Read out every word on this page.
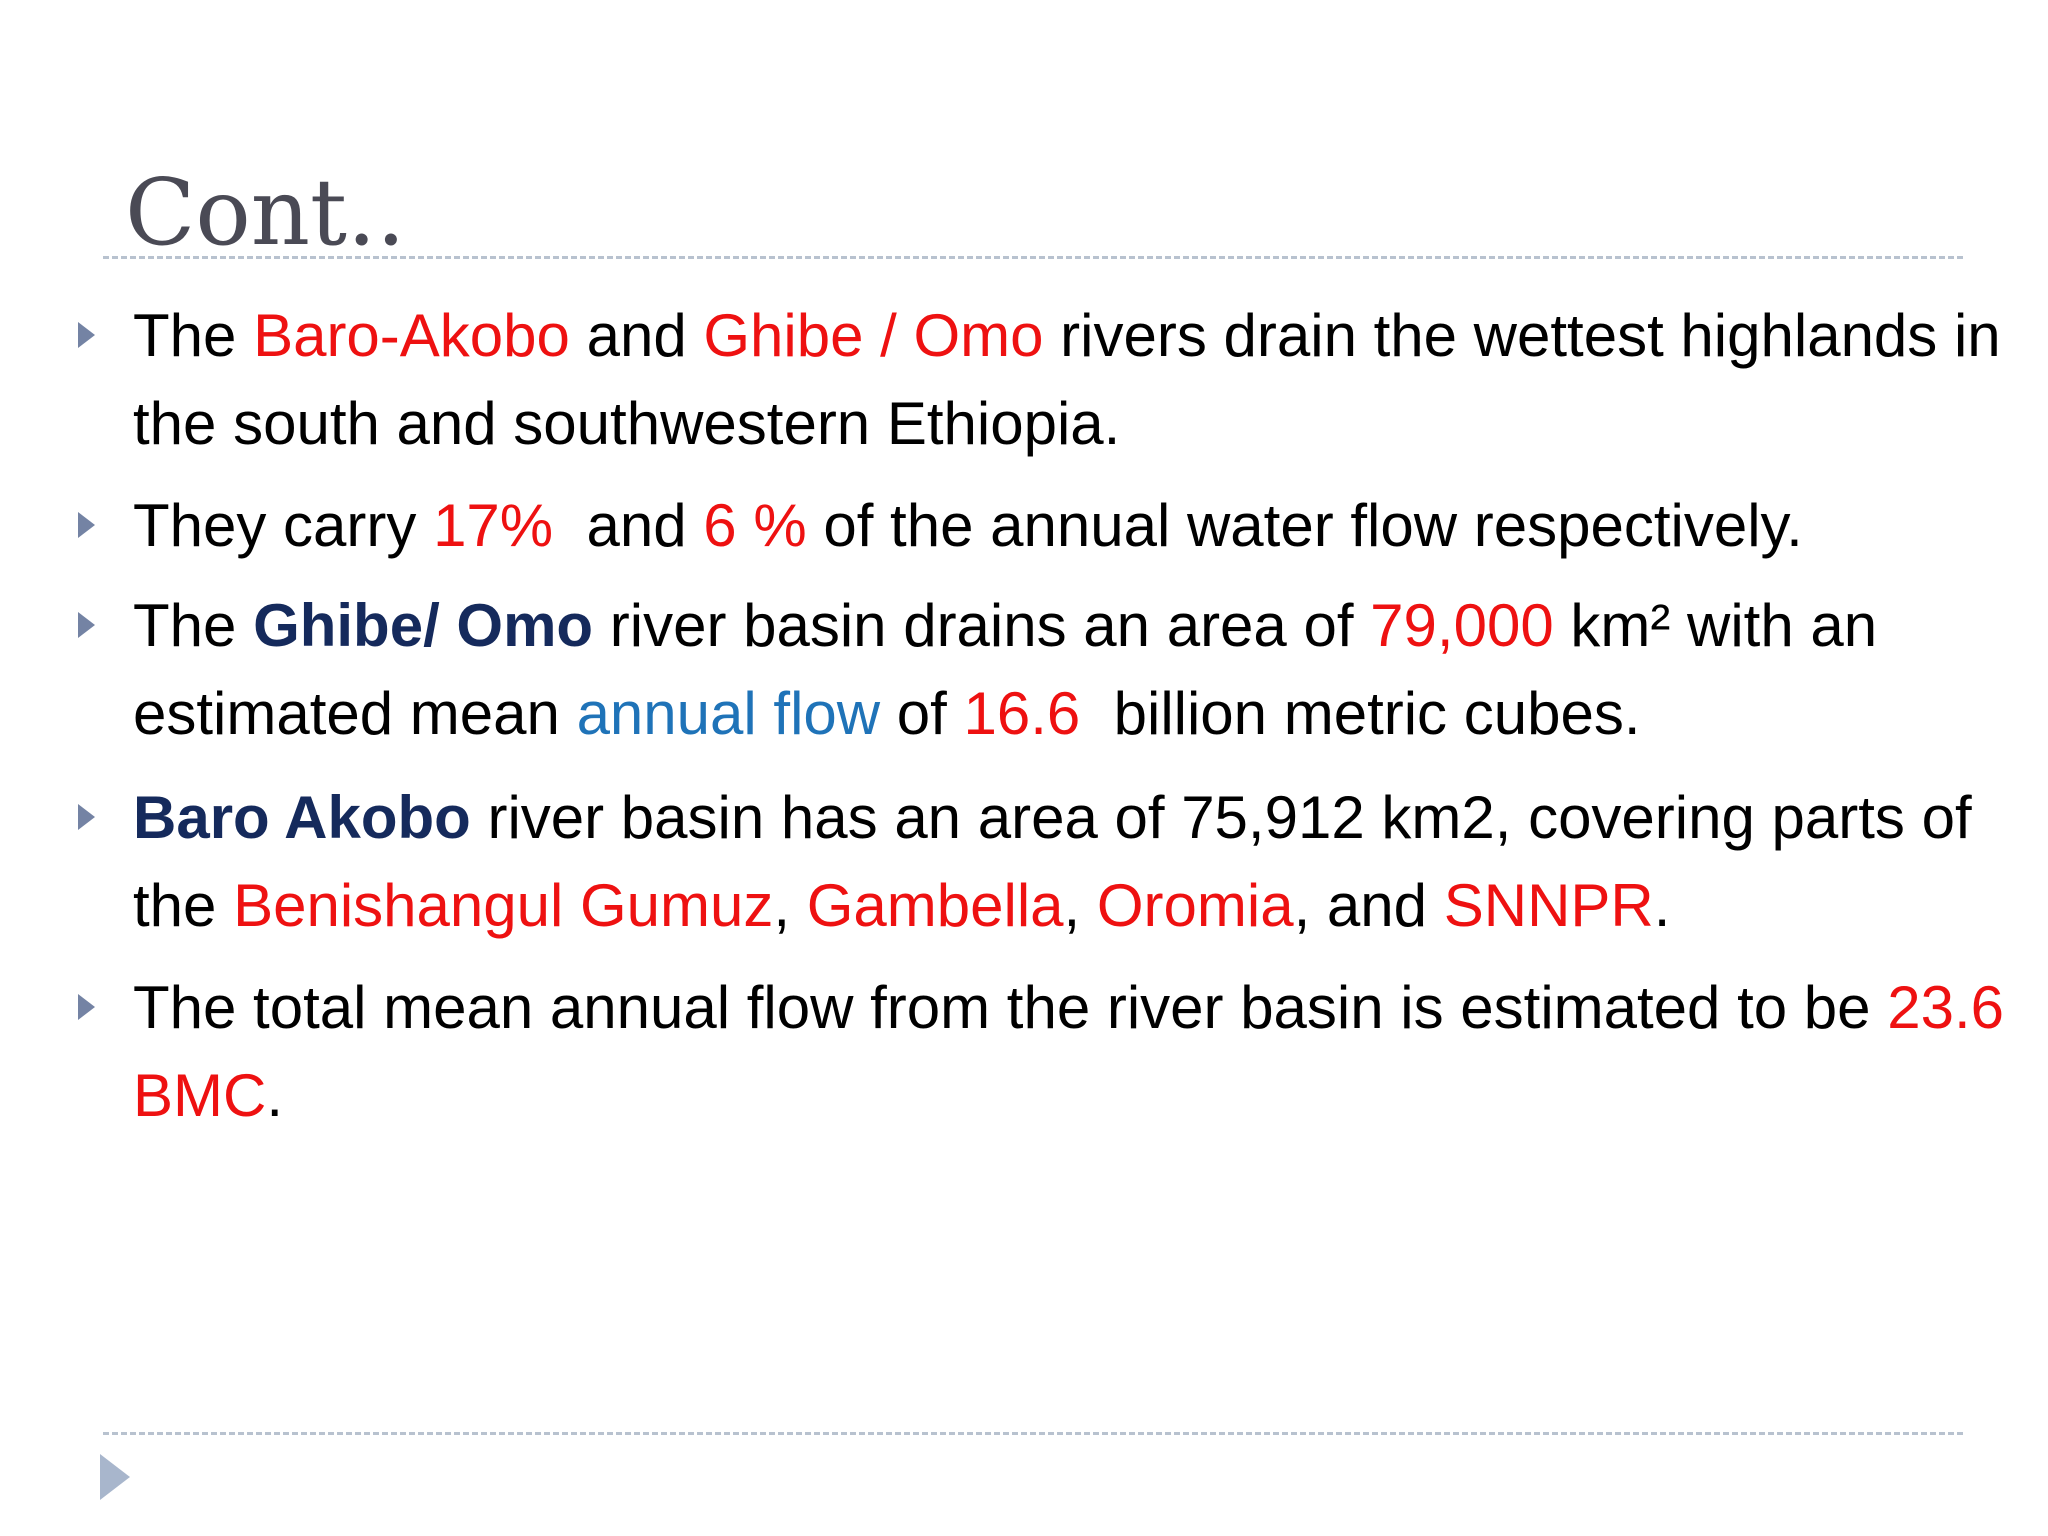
Cont..
The Baro-Akobo and Ghibe / Omo rivers drain the wettest highlands in the south and southwestern Ethiopia.
They carry 17%  and 6 % of the annual water flow respectively.
The Ghibe/ Omo river basin drains an area of 79,000 km² with an estimated mean annual flow of 16.6  billion metric cubes.
Baro Akobo river basin has an area of 75,912 km2, covering parts of the Benishangul Gumuz, Gambella, Oromia, and SNNPR.
The total mean annual flow from the river basin is estimated to be 23.6 BMC.
